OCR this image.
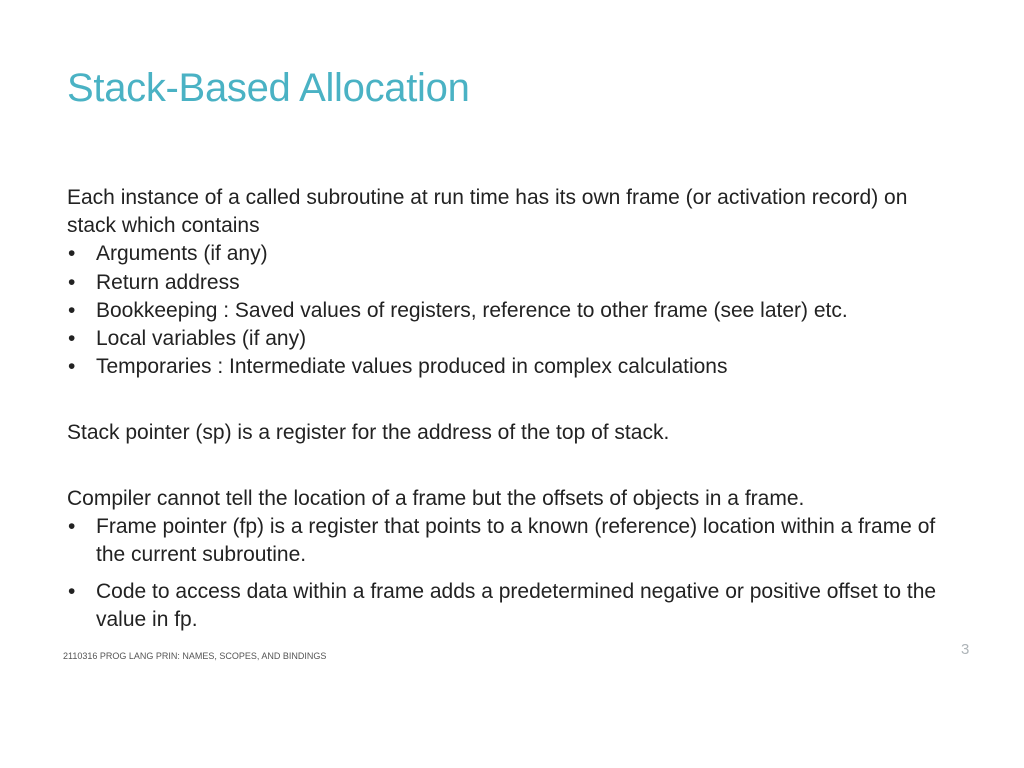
Stack-Based Allocation

Each instance of a called subroutine at run time has its own frame (or activation record) on stack which contains

• Arguments (if any)
• Return address
• Bookkeeping : Saved values of registers, reference to other frame (see later) etc.
• Local variables (if any)
• Temporaries : Intermediate values produced in complex calculations

Stack pointer (sp) is a register for the address of the top of stack.

Compiler cannot tell the location of a frame but the offsets of objects in a frame.

• Frame pointer (fp) is a register that points to a known (reference) location within a frame of the current subroutine.
• Code to access data within a frame adds a predetermined negative or positive offset to the value in fp.
3
2110316 PROG LANG PRIN: NAMES, SCOPES, AND BINDINGS
